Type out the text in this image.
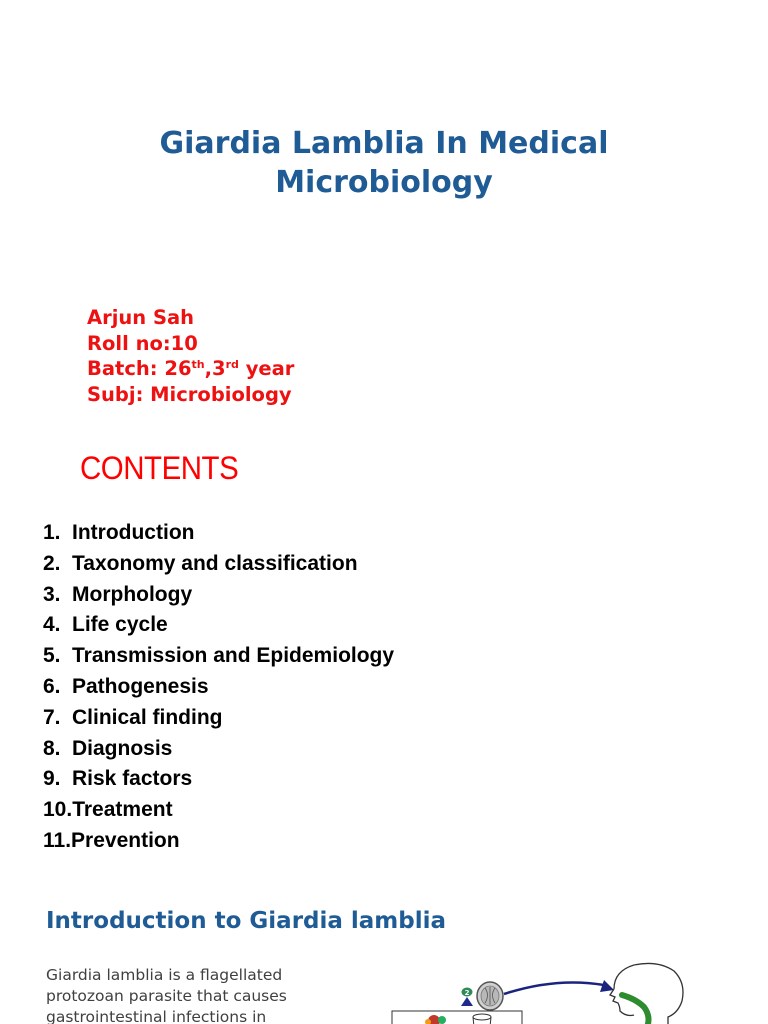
Giardia Lamblia In Medical
Microbiology
Arjun Sah
Roll no:10
Batch: 26th,3rd year
Subj: Microbiology
CONTENTS
1. Introduction
2. Taxonomy and classification
3. Morphology
4. Life cycle
5. Transmission and Epidemiology
6. Pathogenesis
7. Clinical finding
8. Diagnosis
9. Risk factors
10.Treatment
11.Prevention
Introduction to Giardia lamblia
Giardia lamblia is a flagellated
protozoan parasite that causes
gastrointestinal infections in
2
